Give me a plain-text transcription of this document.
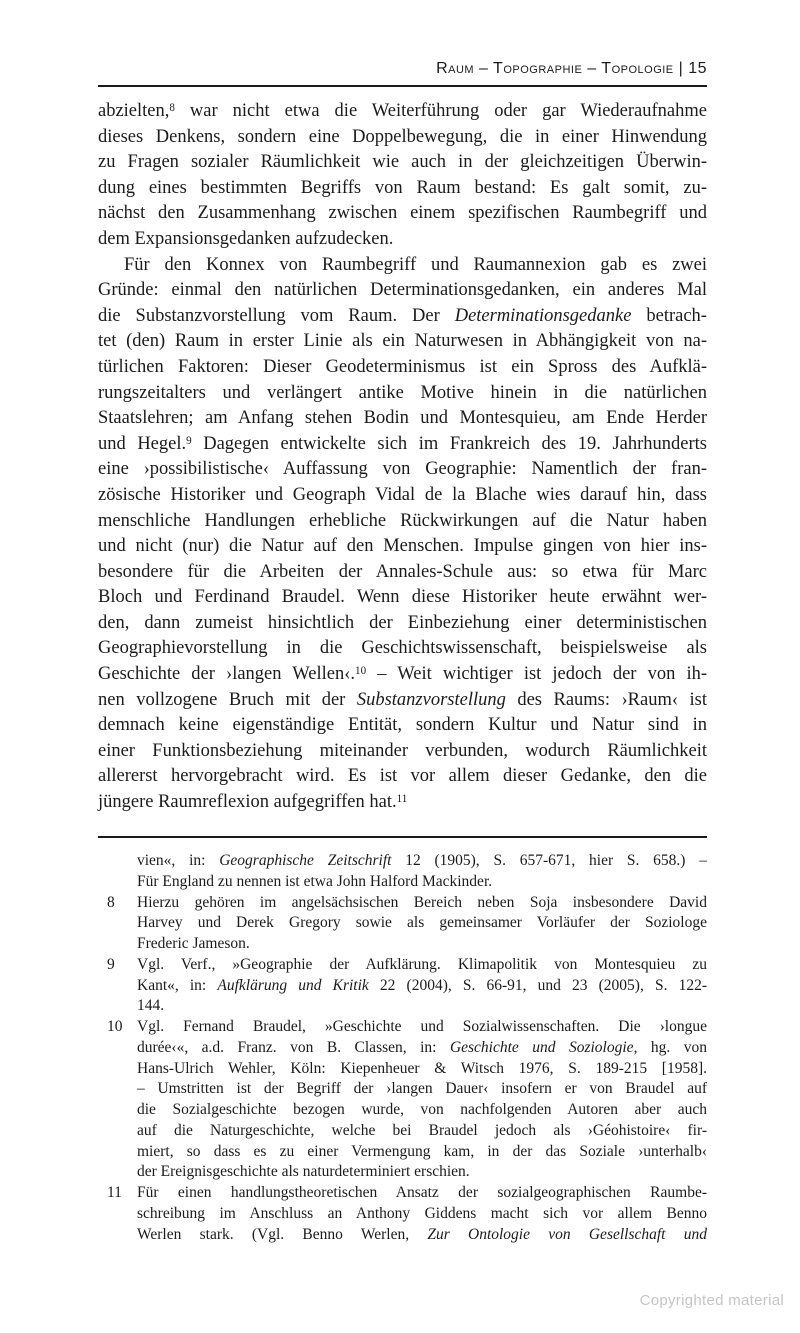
Raum – Topographie – Topologie | 15
abzielten,$^8$ war nicht etwa die Weiterführung oder gar Wiederaufnahme
dieses Denkens, sondern eine Doppelbewegung, die in einer Hinwendung
zu Fragen sozialer Räumlichkeit wie auch in der gleichzeitigen Überwin-
dung eines bestimmten Begriffs von Raum bestand: Es galt somit, zu-
nächst den Zusammenhang zwischen einem spezifischen Raumbegriff und
dem Expansionsgedanken aufzudecken.
Für den Konnex von Raumbegriff und Raumannexion gab es zwei
Gründe: einmal den natürlichen Determinationsgedanken, ein anderes Mal
die Substanzvorstellung vom Raum. Der Determinationsgedanke betrach-
tet (den) Raum in erster Linie als ein Naturwesen in Abhängigkeit von na-
türlichen Faktoren: Dieser Geodeterminismus ist ein Spross des Aufklä-
rungszeitalters und verlängert antike Motive hinein in die natürlichen
Staatslehren; am Anfang stehen Bodin und Montesquieu, am Ende Herder
und Hegel.$^9$ Dagegen entwickelte sich im Frankreich des 19. Jahrhunderts
eine ›possibilistische‹ Auffassung von Geographie: Namentlich der fran-
zösische Historiker und Geograph Vidal de la Blache wies darauf hin, dass
menschliche Handlungen erhebliche Rückwirkungen auf die Natur haben
und nicht (nur) die Natur auf den Menschen. Impulse gingen von hier ins-
besondere für die Arbeiten der Annales-Schule aus: so etwa für Marc
Bloch und Ferdinand Braudel. Wenn diese Historiker heute erwähnt wer-
den, dann zumeist hinsichtlich der Einbeziehung einer deterministischen
Geographievorstellung in die Geschichtswissenschaft, beispielsweise als
Geschichte der ›langen Wellen‹.$^{10}$ – Weit wichtiger ist jedoch der von ih-
nen vollzogene Bruch mit der Substanzvorstellung des Raums: ›Raum‹ ist
demnach keine eigenständige Entität, sondern Kultur und Natur sind in
einer Funktionsbeziehung miteinander verbunden, wodurch Räumlichkeit
allererst hervorgebracht wird. Es ist vor allem dieser Gedanke, den die
jüngere Raumreflexion aufgegriffen hat.$^{11}$
vien«, in: Geographische Zeitschrift 12 (1905), S. 657-671, hier S. 658.) –
Für England zu nennen ist etwa John Halford Mackinder.
8 Hierzu gehören im angelsächsischen Bereich neben Soja insbesondere David
Harvey und Derek Gregory sowie als gemeinsamer Vorläufer der Soziologe
Frederic Jameson.
9 Vgl. Verf., »Geographie der Aufklärung. Klimapolitik von Montesquieu zu
Kant«, in: Aufklärung und Kritik 22 (2004), S. 66-91, und 23 (2005), S. 122-
144.
10 Vgl. Fernand Braudel, »Geschichte und Sozialwissenschaften. Die ›longue
durée‹«, a.d. Franz. von B. Classen, in: Geschichte und Soziologie, hg. von
Hans-Ulrich Wehler, Köln: Kiepenheuer & Witsch 1976, S. 189-215 [1958].
– Umstritten ist der Begriff der ›langen Dauer‹ insofern er von Braudel auf
die Sozialgeschichte bezogen wurde, von nachfolgenden Autoren aber auch
auf die Naturgeschichte, welche bei Braudel jedoch als ›Géohistoire‹ fir-
miert, so dass es zu einer Vermengung kam, in der das Soziale ›unterhalb‹
der Ereignisgeschichte als naturdeterminiert erschien.
11 Für einen handlungstheoretischen Ansatz der sozialgeographischen Raumbe-
schreibung im Anschluss an Anthony Giddens macht sich vor allem Benno
Werlen stark. (Vgl. Benno Werlen, Zur Ontologie von Gesellschaft und
Copyrighted material
